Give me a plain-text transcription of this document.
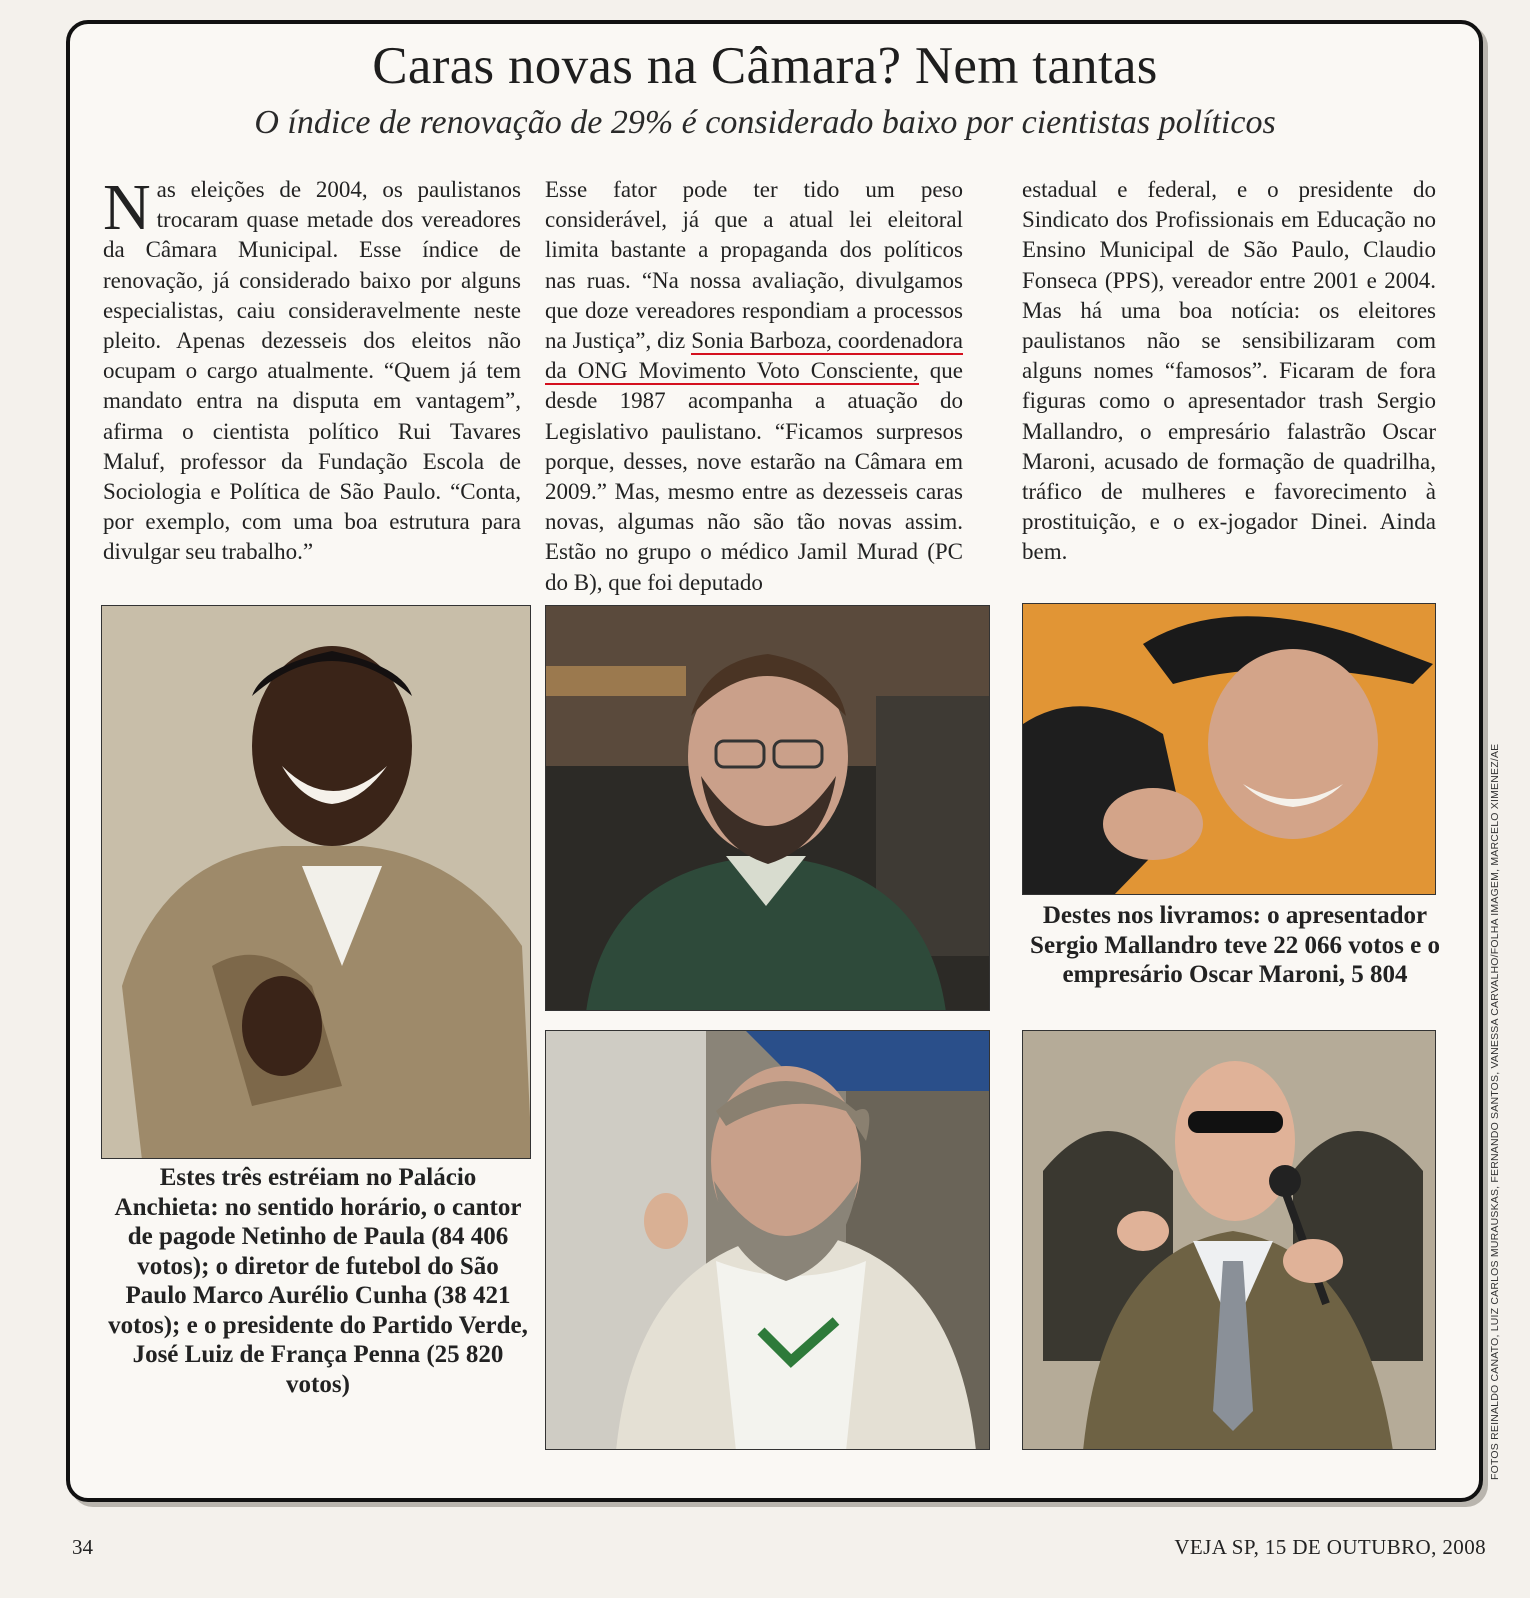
Caras novas na Câmara? Nem tantas
O índice de renovação de 29% é considerado baixo por cientistas políticos

Nas eleições de 2004, os paulistanos trocaram quase metade dos vereadores da Câmara Municipal. Esse índice de renovação, já considerado baixo por alguns especialistas, caiu consideravelmente neste pleito. Apenas dezesseis dos eleitos não ocupam o cargo atualmente. “Quem já tem mandato entra na disputa em vantagem”, afirma o cientista político Rui Tavares Maluf, professor da Fundação Escola de Sociologia e Política de São Paulo. “Conta, por exemplo, com uma boa estrutura para divulgar seu trabalho.”

Esse fator pode ter tido um peso considerável, já que a atual lei eleitoral limita bastante a propaganda dos políticos nas ruas. “Na nossa avaliação, divulgamos que doze vereadores respondiam a processos na Justiça”, diz Sonia Barboza, coordenadora da ONG Movimento Voto Consciente, que desde 1987 acompanha a atuação do Legislativo paulistano. “Ficamos surpresos porque, desses, nove estarão na Câmara em 2009.” Mas, mesmo entre as dezesseis caras novas, algumas não são tão novas assim. Estão no grupo o médico Jamil Murad (PC do B), que foi deputado

estadual e federal, e o presidente do Sindicato dos Profissionais em Educação no Ensino Municipal de São Paulo, Claudio Fonseca (PPS), vereador entre 2001 e 2004. Mas há uma boa notícia: os eleitores paulistanos não se sensibilizaram com alguns nomes “famosos”. Ficaram de fora figuras como o apresentador trash Sergio Mallandro, o empresário falastrão Oscar Maroni, acusado de formação de quadrilha, tráfico de mulheres e favorecimento à prostituição, e o ex-jogador Dinei. Ainda bem.

Estes três estréiam no Palácio Anchieta: no sentido horário, o cantor de pagode Netinho de Paula (84 406 votos); o diretor de futebol do São Paulo Marco Aurélio Cunha (38 421 votos); e o presidente do Partido Verde, José Luiz de França Penna (25 820 votos)
Destes nos livramos: o apresentador Sergio Mallandro teve 22 066 votos e o empresário Oscar Maroni, 5 804	FOTOS REINALDO CANATO, LUIZ CARLOS MURAUSKAS, FERNANDO SANTOS, VANESSA CARVALHO/FOLHA IMAGEM, MARCELO XIMENEZ/AE
34	VEJA SP, 15 DE OUTUBRO, 2008
